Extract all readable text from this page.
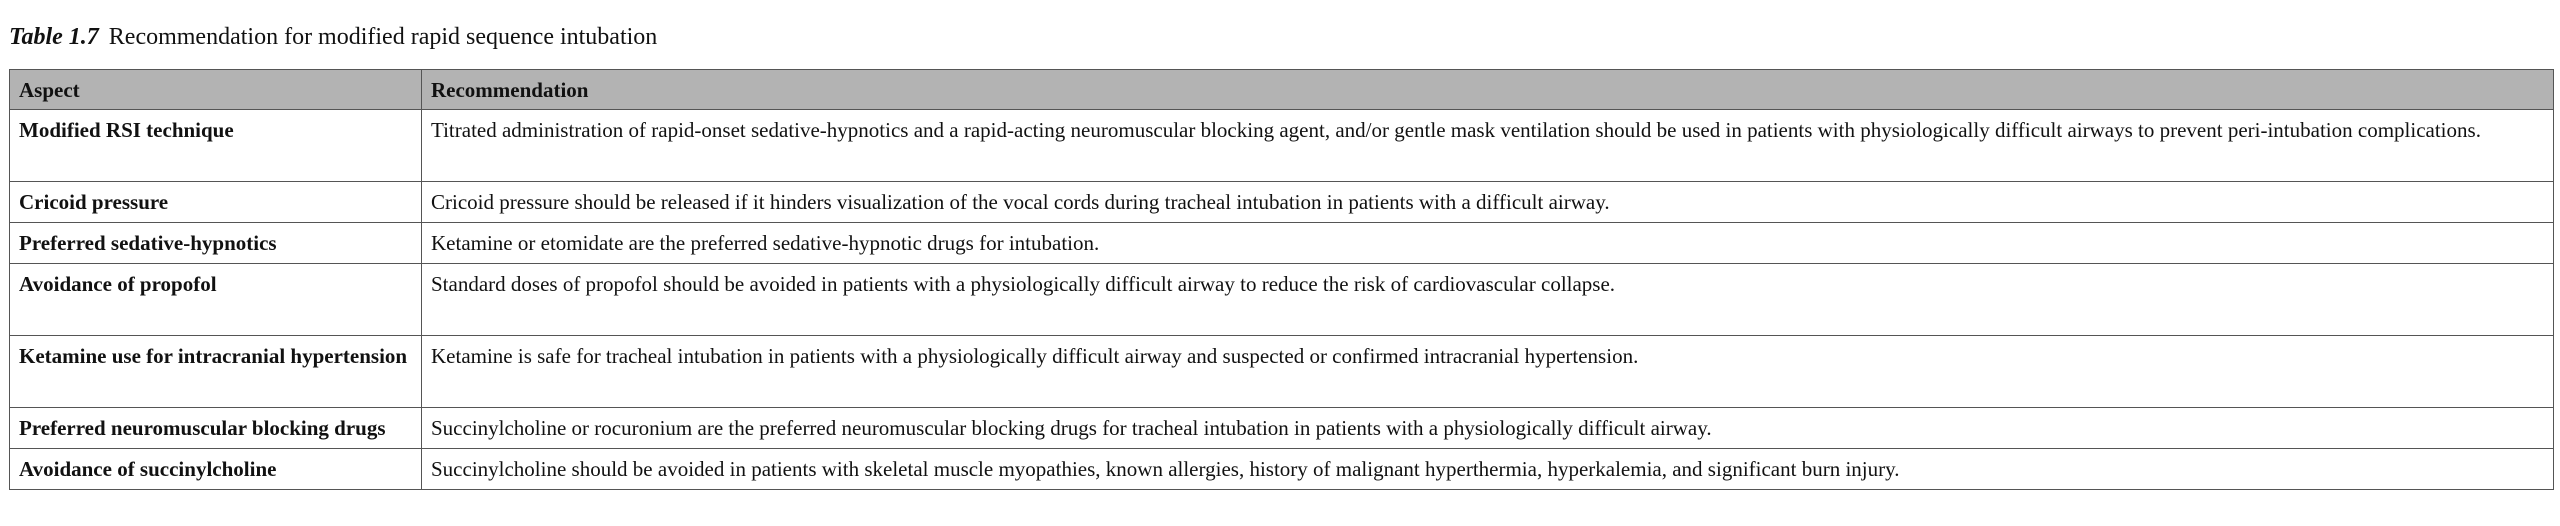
Table 1.7 Recommendation for modified rapid sequence intubation
Aspect	Recommendation
Modified RSI technique	Titrated administration of rapid-onset sedative-hypnotics and a rapid-acting neuromuscular blocking agent, and/or gentle mask ventilation should be used in patients with physiologically difficult airways to prevent peri-intubation complications.
Cricoid pressure	Cricoid pressure should be released if it hinders visualization of the vocal cords during tracheal intubation in patients with a difficult airway.
Preferred sedative-hypnotics	Ketamine or etomidate are the preferred sedative-hypnotic drugs for intubation.
Avoidance of propofol	Standard doses of propofol should be avoided in patients with a physiologically difficult airway to reduce the risk of cardiovascular collapse.
Ketamine use for intracranial hypertension	Ketamine is safe for tracheal intubation in patients with a physiologically difficult airway and suspected or confirmed intracranial hypertension.
Preferred neuromuscular blocking drugs	Succinylcholine or rocuronium are the preferred neuromuscular blocking drugs for tracheal intubation in patients with a physiologically difficult airway.
Avoidance of succinylcholine	Succinylcholine should be avoided in patients with skeletal muscle myopathies, known allergies, history of malignant hyperthermia, hyperkalemia, and significant burn injury.
